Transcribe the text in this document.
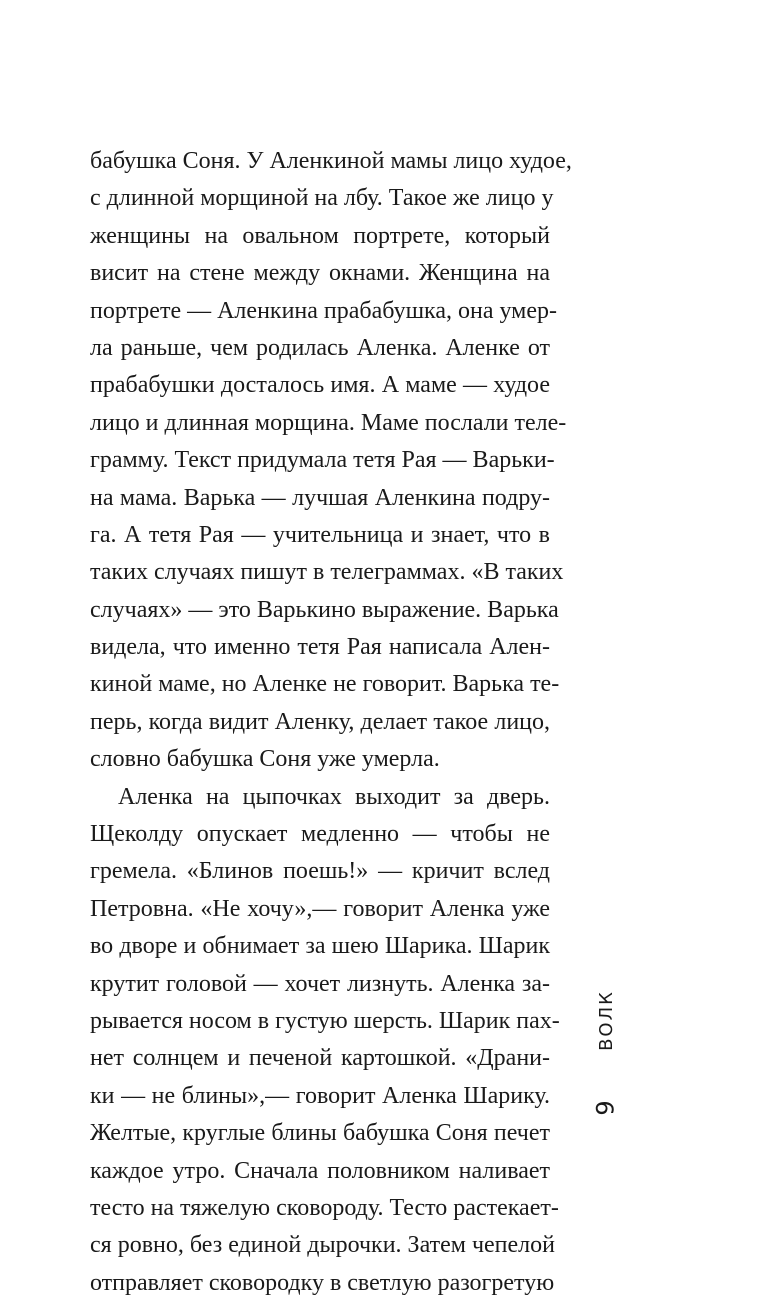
бабушка Соня. У Аленкиной мамы лицо худое,
с длинной морщиной на лбу. Такое же лицо у
женщины на овальном портрете, который
висит на стене между окнами. Женщина на
портрете — Аленкина прабабушка, она умер-
ла раньше, чем родилась Аленка. Аленке от
прабабушки досталось имя. А маме — худое
лицо и длинная морщина. Маме послали теле-
грамму. Текст придумала тетя Рая — Варьки-
на мама. Варька — лучшая Аленкина подру-
га. А тетя Рая — учительница и знает, что в
таких случаях пишут в телеграммах. «В таких
случаях» — это Варькино выражение. Варька
видела, что именно тетя Рая написала Ален-
киной маме, но Аленке не говорит. Варька те-
перь, когда видит Аленку, делает такое лицо,
словно бабушка Соня уже умерла.
Аленка на цыпочках выходит за дверь.
Щеколду опускает медленно — чтобы не
гремела. «Блинов поешь!» — кричит вслед
Петровна. «Не хочу»,— говорит Аленка уже
во дворе и обнимает за шею Шарика. Шарик
крутит головой — хочет лизнуть. Аленка за-
рывается носом в густую шерсть. Шарик пах-
нет солнцем и печеной картошкой. «Драни-
ки — не блины»,— говорит Аленка Шарику.
Желтые, круглые блины бабушка Соня печет
каждое утро. Сначала половником наливает
тесто на тяжелую сковороду. Тесто растекает-
ся ровно, без единой дырочки. Затем чепелой
отправляет сковородку в светлую разогретую
ВОЛК
9
